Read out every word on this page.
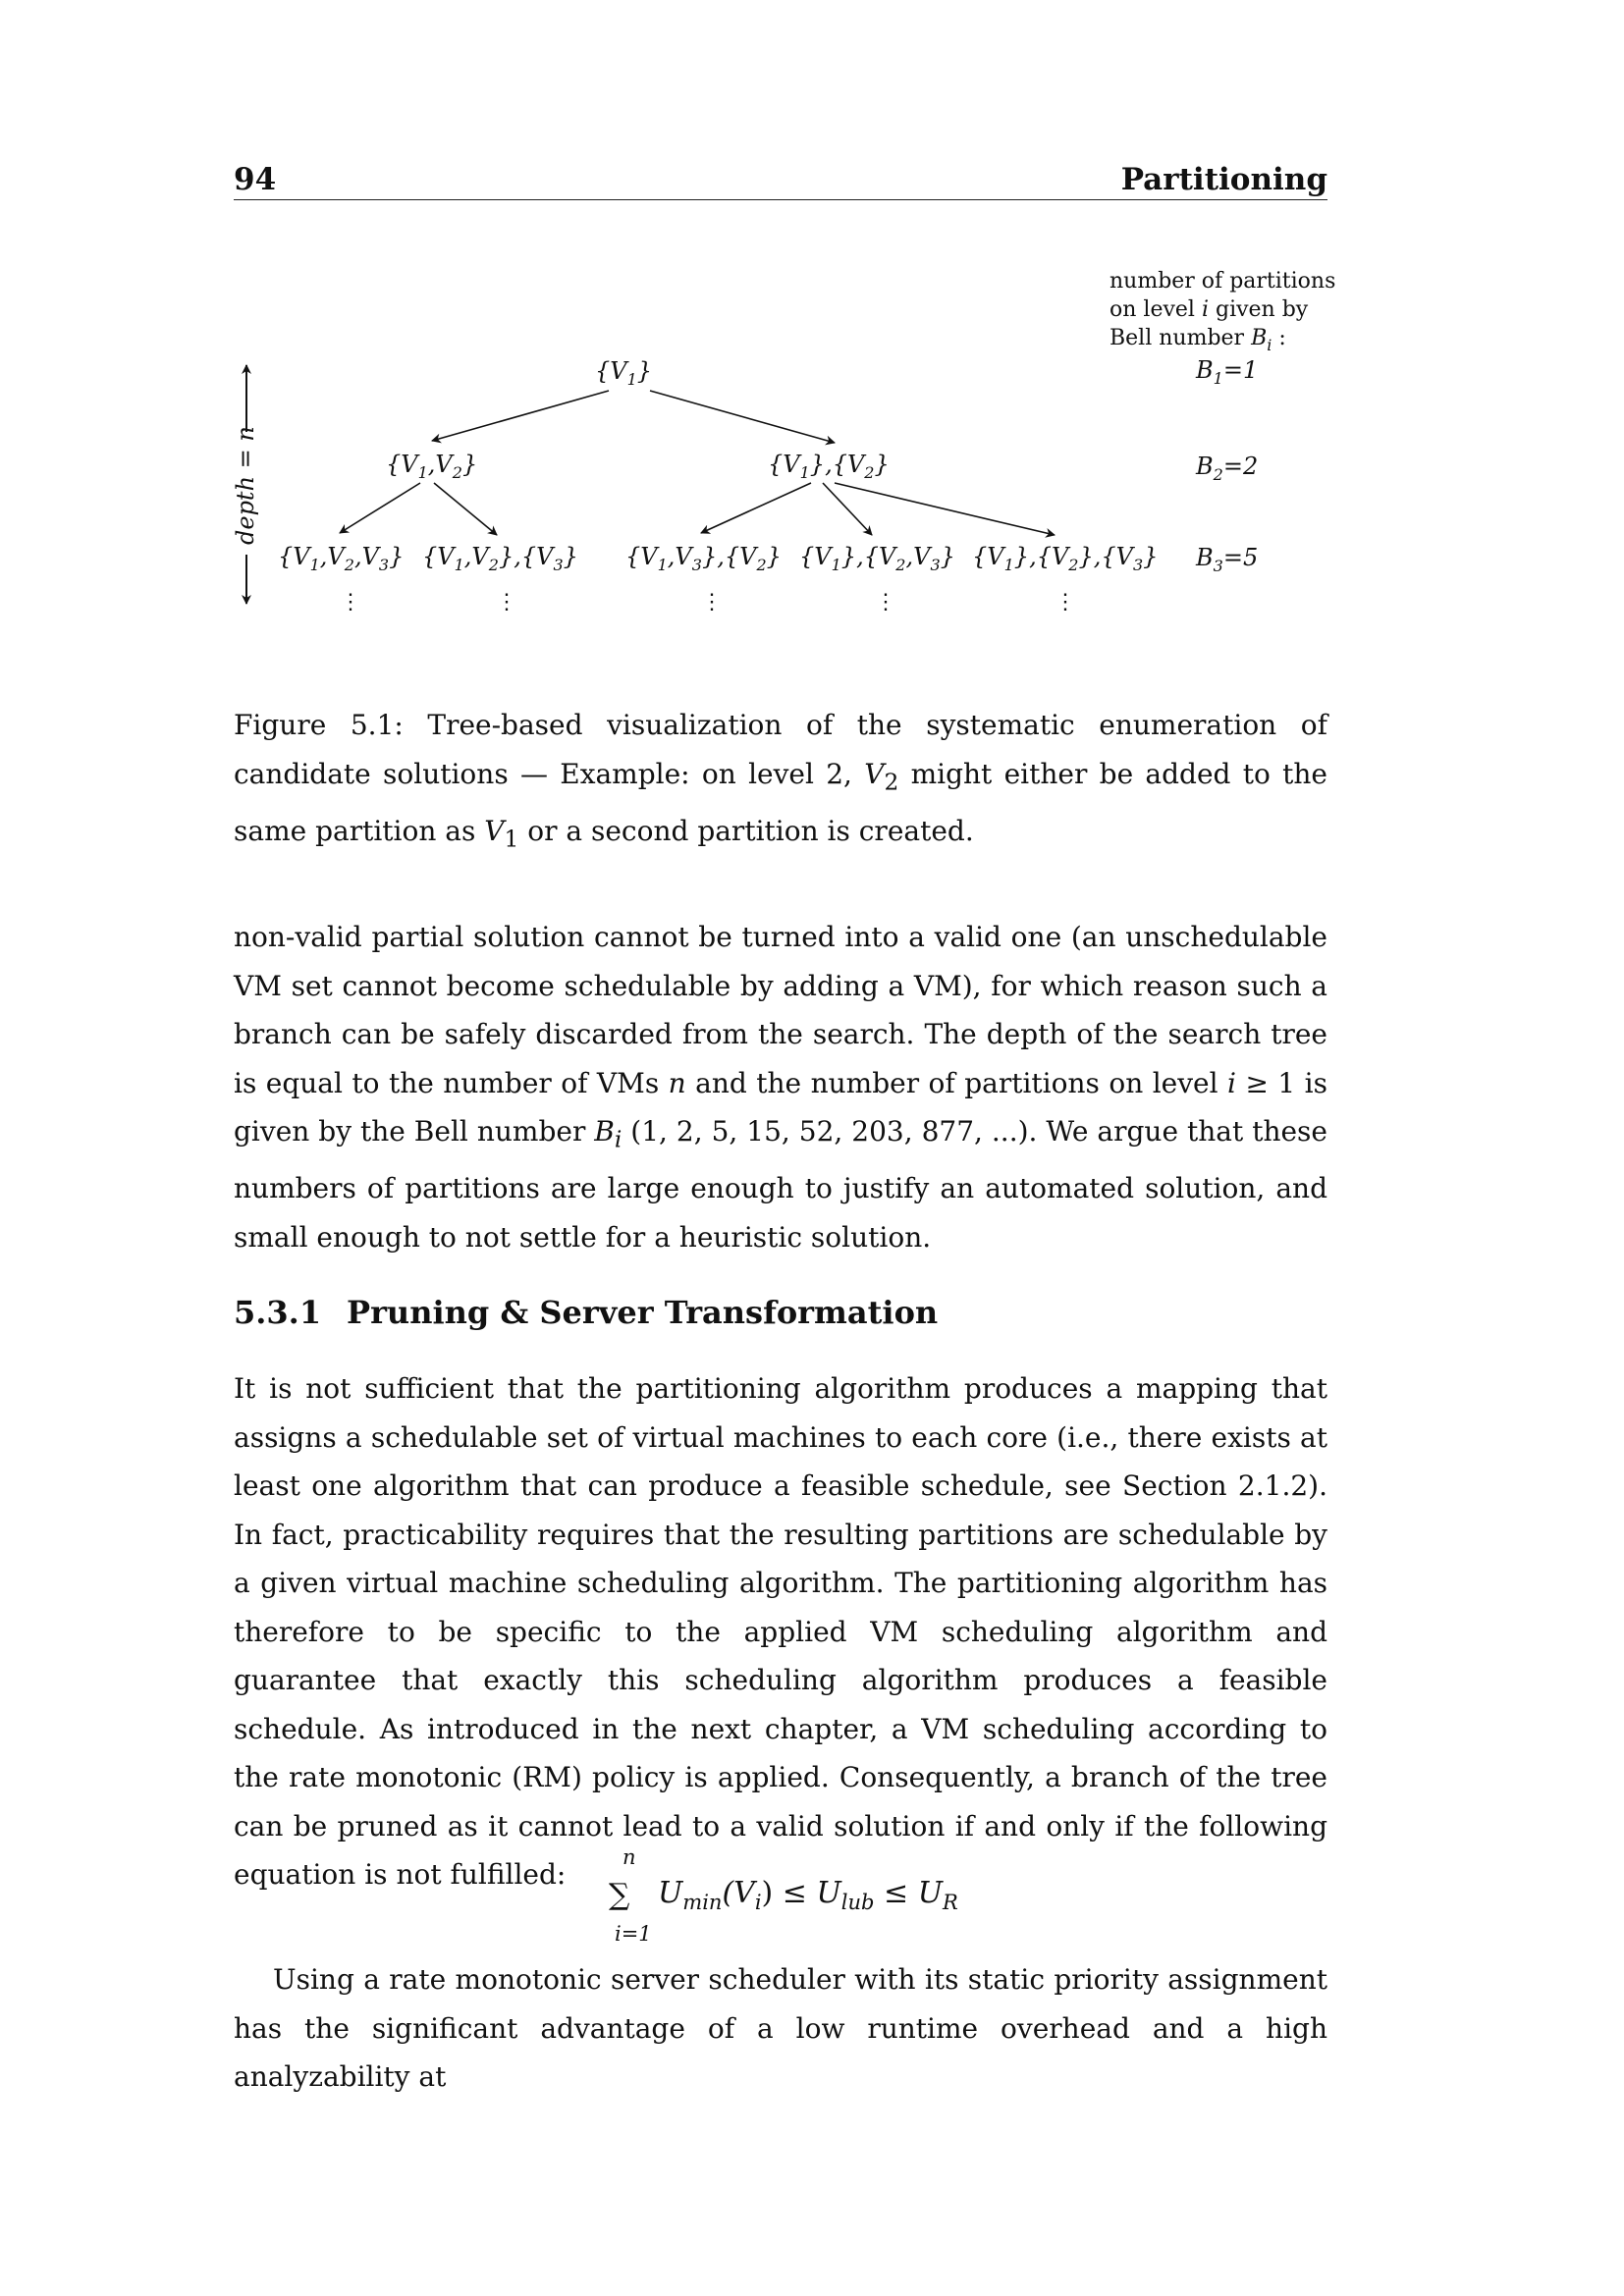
94	Partitioning
number of partitions
on level i given by
Bell number $B_i$ :
$B_1=1$
$B_2=2$
$B_3=5$
depth = n
$\{V_1\}$
$\{V_1,V_2\}$	$\{V_1\},\{V_2\}$
$\{V_1,V_2,V_3\}$ $\{V_1,V_2\},\{V_3\}$ $\{V_1,V_3\},\{V_2\}$ $\{V_1\},\{V_2,V_3\}$ $\{V_1\},\{V_2\},\{V_3\}$
⋮	⋮	⋮	⋮	⋮
Figure 5.1: Tree-based visualization of the systematic enumeration of candidate solutions — Example: on level 2, $V_2$ might either be added to the same partition as $V_1$ or a second partition is created.
non-valid partial solution cannot be turned into a valid one (an unschedulable VM set cannot become schedulable by adding a VM), for which reason such a branch can be safely discarded from the search. The depth of the search tree is equal to the number of VMs n and the number of partitions on level i ≥ 1 is given by the Bell number $B_i$ (1, 2, 5, 15, 52, 203, 877, ...). We argue that these numbers of partitions are large enough to justify an automated solution, and small enough to not settle for a heuristic solution.
5.3.1 Pruning & Server Transformation
It is not sufficient that the partitioning algorithm produces a mapping that assigns a schedulable set of virtual machines to each core (i.e., there exists at least one algorithm that can produce a feasible schedule, see Section 2.1.2). In fact, practicability requires that the resulting partitions are schedulable by a given virtual machine scheduling algorithm. The partitioning algorithm has therefore to be specific to the applied VM scheduling algorithm and guarantee that exactly this scheduling algorithm produces a feasible schedule. As introduced in the next chapter, a VM scheduling according to the rate monotonic (RM) policy is applied. Consequently, a branch of the tree can be pruned as it cannot lead to a valid solution if and only if the following equation is not fulfilled:
n
∑
i=1
$U_{min}(V_i) \le U_{lub} \le U_R$
Using a rate monotonic server scheduler with its static priority assignment has the significant advantage of a low runtime overhead and a high analyzability at
